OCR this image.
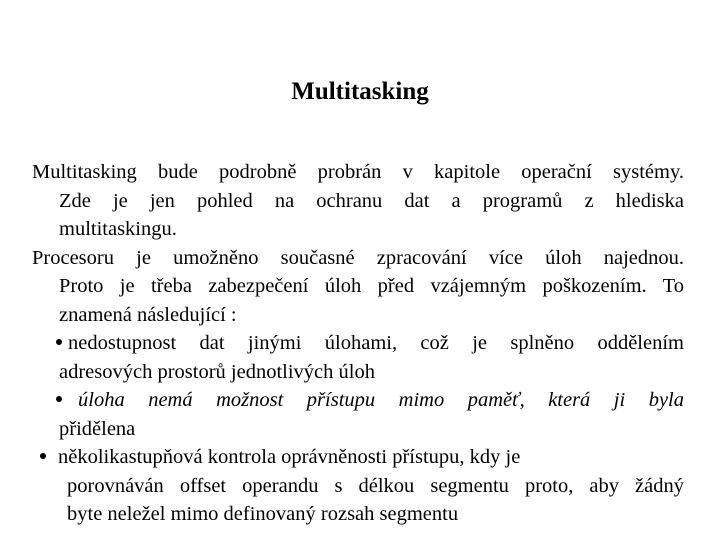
Multitasking
Multitasking bude podrobně probrán v kapitole operační systémy.
Zde je jen pohled na ochranu dat a programů z hlediska
multitaskingu.
Procesoru je umožněno současné zpracování více úloh najednou.
Proto je třeba zabezpečení úloh před vzájemným poškozením. To
znamená následující :
nedostupnost dat jinými úlohami, což je splněno oddělením
adresových prostorů jednotlivých úloh
úloha nemá možnost přístupu mimo paměť, která ji byla
přidělena
několikastupňová kontrola oprávněnosti přístupu, kdy je
porovnáván offset operandu s délkou segmentu proto, aby žádný
byte neležel mimo definovaný rozsah segmentu
